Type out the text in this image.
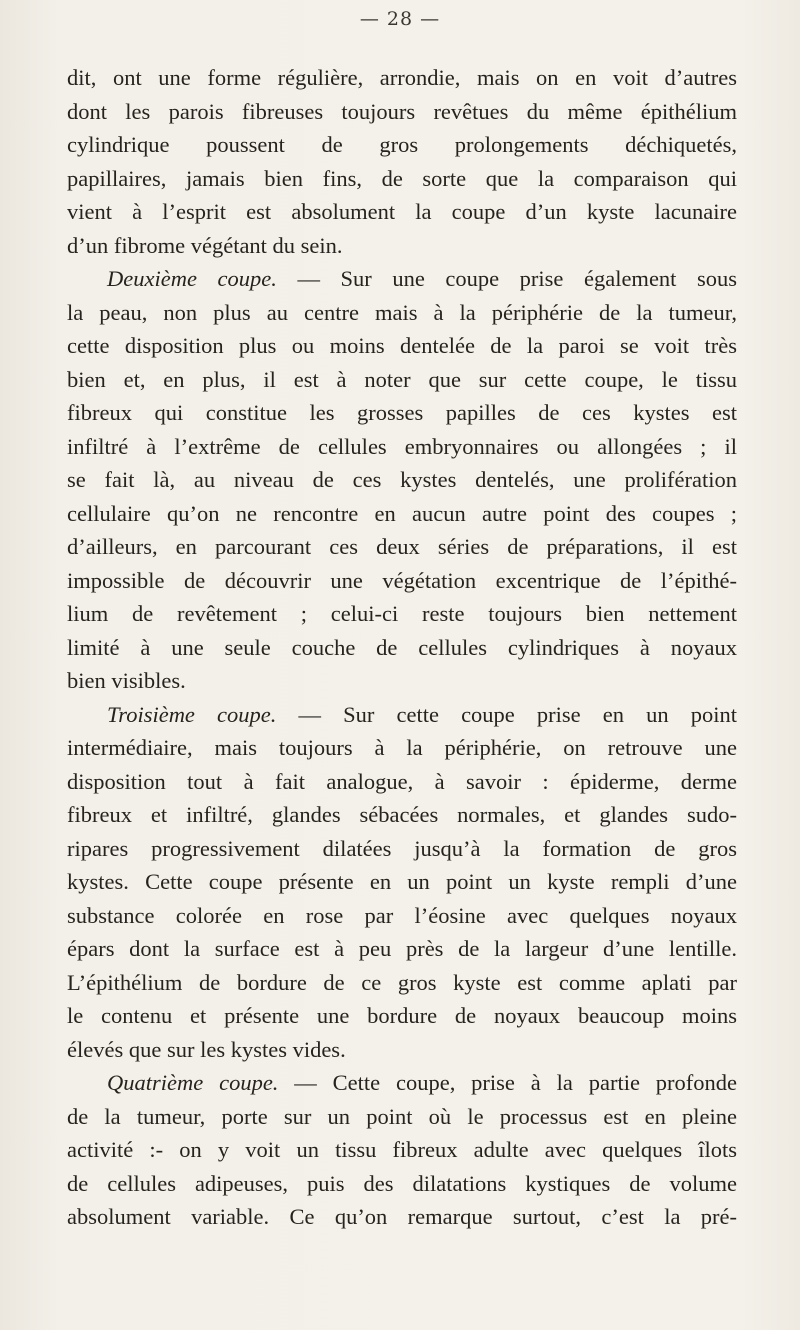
— 28 —
dit, ont une forme régulière, arrondie, mais on en voit d’autres
dont les parois fibreuses toujours revêtues du même épithélium
cylindrique poussent de gros prolongements déchiquetés,
papillaires, jamais bien fins, de sorte que la comparaison qui
vient à l’esprit est absolument la coupe d’un kyste lacunaire
d’un fibrome végétant du sein.
Deuxième coupe. — Sur une coupe prise également sous
la peau, non plus au centre mais à la périphérie de la tumeur,
cette disposition plus ou moins dentelée de la paroi se voit très
bien et, en plus, il est à noter que sur cette coupe, le tissu
fibreux qui constitue les grosses papilles de ces kystes est
infiltré à l’extrême de cellules embryonnaires ou allongées ; il
se fait là, au niveau de ces kystes dentelés, une prolifération
cellulaire qu’on ne rencontre en aucun autre point des coupes ;
d’ailleurs, en parcourant ces deux séries de préparations, il est
impossible de découvrir une végétation excentrique de l’épithé-
lium de revêtement ; celui-ci reste toujours bien nettement
limité à une seule couche de cellules cylindriques à noyaux
bien visibles.
Troisième coupe. — Sur cette coupe prise en un point
intermédiaire, mais toujours à la périphérie, on retrouve une
disposition tout à fait analogue, à savoir : épiderme, derme
fibreux et infiltré, glandes sébacées normales, et glandes sudo-
ripares progressivement dilatées jusqu’à la formation de gros
kystes. Cette coupe présente en un point un kyste rempli d’une
substance colorée en rose par l’éosine avec quelques noyaux
épars dont la surface est à peu près de la largeur d’une lentille.
L’épithélium de bordure de ce gros kyste est comme aplati par
le contenu et présente une bordure de noyaux beaucoup moins
élevés que sur les kystes vides.
Quatrième coupe. — Cette coupe, prise à la partie profonde
de la tumeur, porte sur un point où le processus est en pleine
activité :- on y voit un tissu fibreux adulte avec quelques îlots
de cellules adipeuses, puis des dilatations kystiques de volume
absolument variable. Ce qu’on remarque surtout, c’est la pré-
